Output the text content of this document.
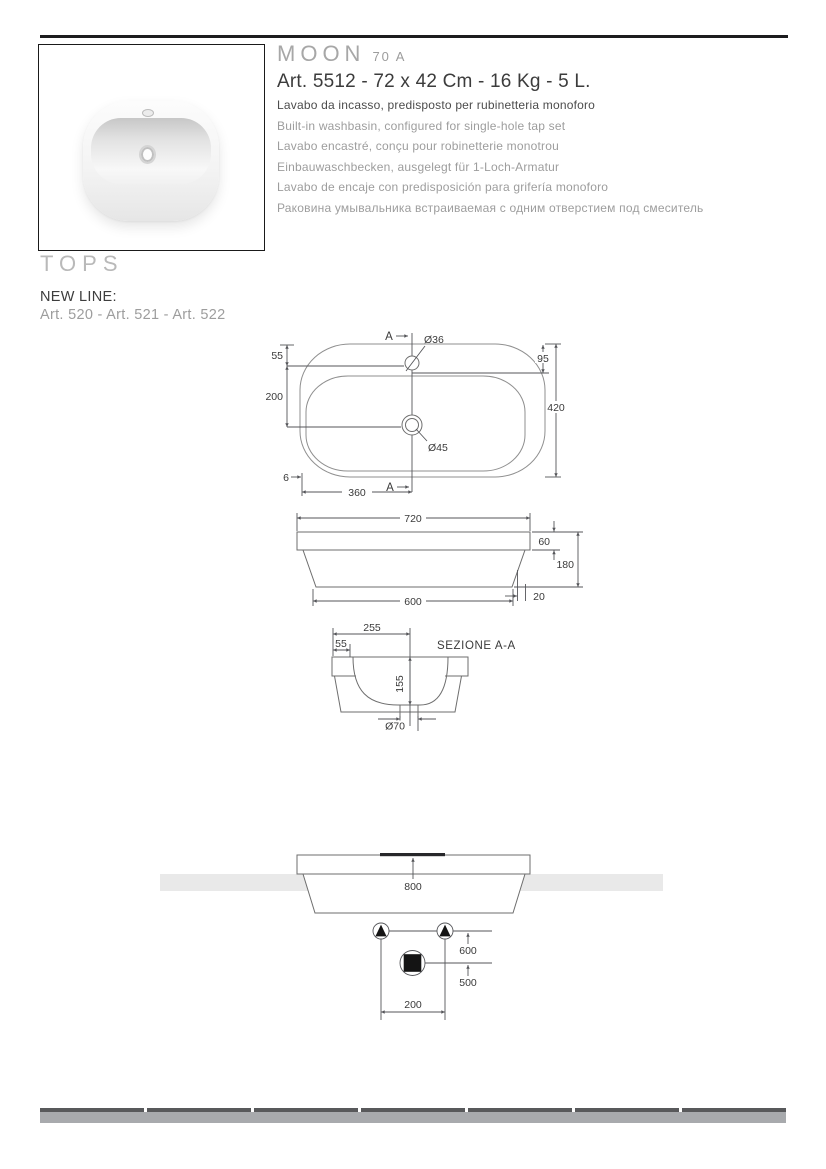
MOON 70 A
Art. 5512 - 72 x 42 Cm - 16 Kg - 5 L.
Lavabo da incasso, predisposto per rubinetteria monoforo
Built-in washbasin, configured for single-hole tap set
Lavabo encastré, conçu pour robinetterie monotrou
Einbauwaschbecken, ausgelegt für 1-Loch-Armatur
Lavabo de encaje con predisposición para grifería monoforo
Раковина умывальника встраиваемая с одним отверстием под смеситель
TOPS
NEW LINE:
Art. 520 - Art. 521 - Art. 522
A	Ø36
55
200
95
420
Ø45
6
360 A
720
60
180
20
600
255
55	SEZIONE A-A
155
Ø70
800
600
500
200
